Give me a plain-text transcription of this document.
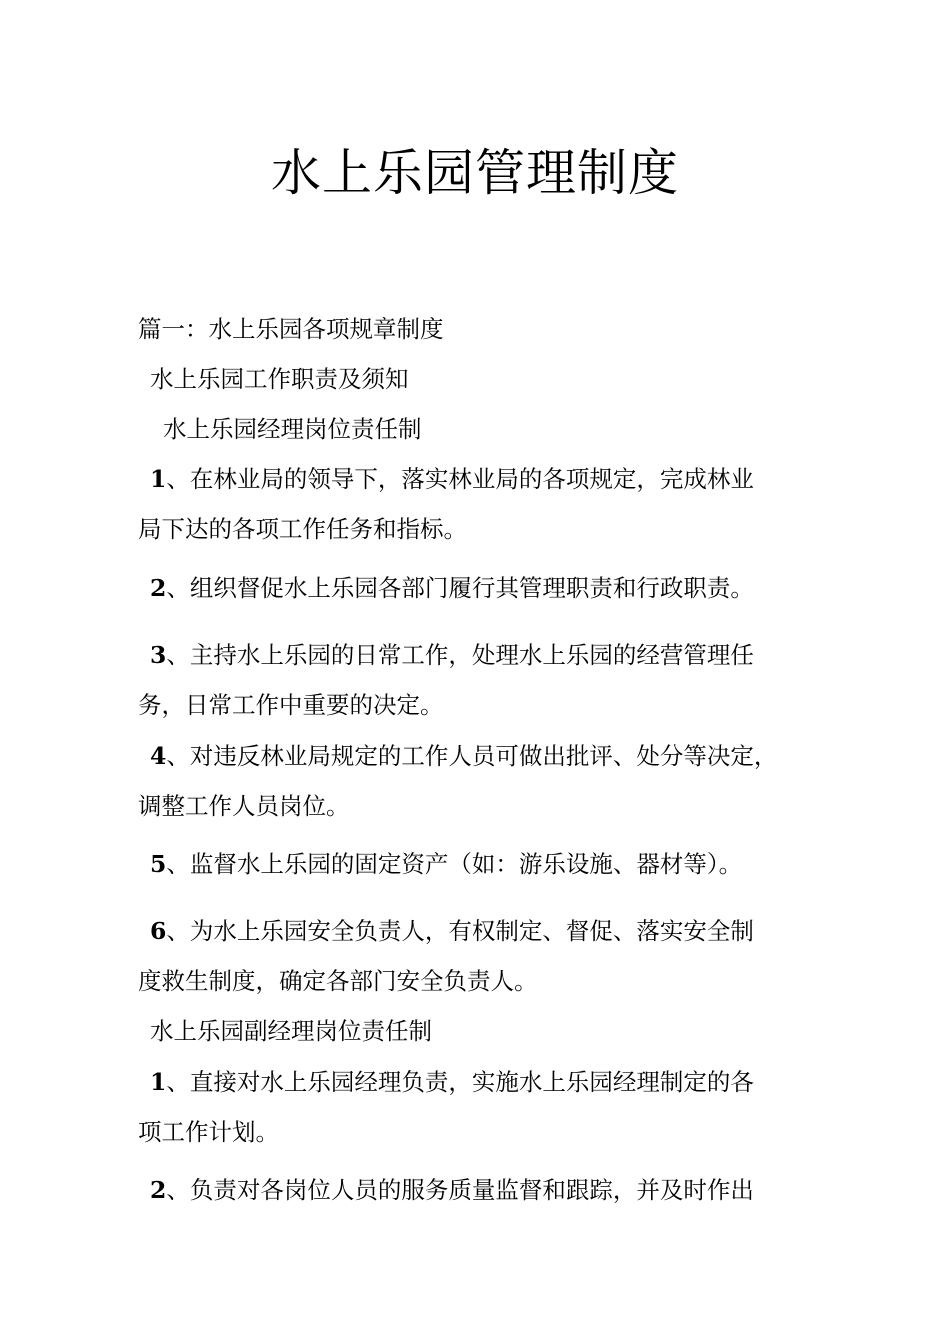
水上乐园管理制度
篇一：水上乐园各项规章制度
水上乐园工作职责及须知
水上乐园经理岗位责任制
1、在林业局的领导下，落实林业局的各项规定，完成林业
局下达的各项工作任务和指标。
2、组织督促水上乐园各部门履行其管理职责和行政职责。
3、主持水上乐园的日常工作，处理水上乐园的经营管理任
务，日常工作中重要的决定。
4、对违反林业局规定的工作人员可做出批评、处分等决定，
调整工作人员岗位。
5、监督水上乐园的固定资产（如：游乐设施、器材等）。
6、为水上乐园安全负责人，有权制定、督促、落实安全制
度救生制度，确定各部门安全负责人。
水上乐园副经理岗位责任制
1、直接对水上乐园经理负责，实施水上乐园经理制定的各
项工作计划。
2、负责对各岗位人员的服务质量监督和跟踪，并及时作出
